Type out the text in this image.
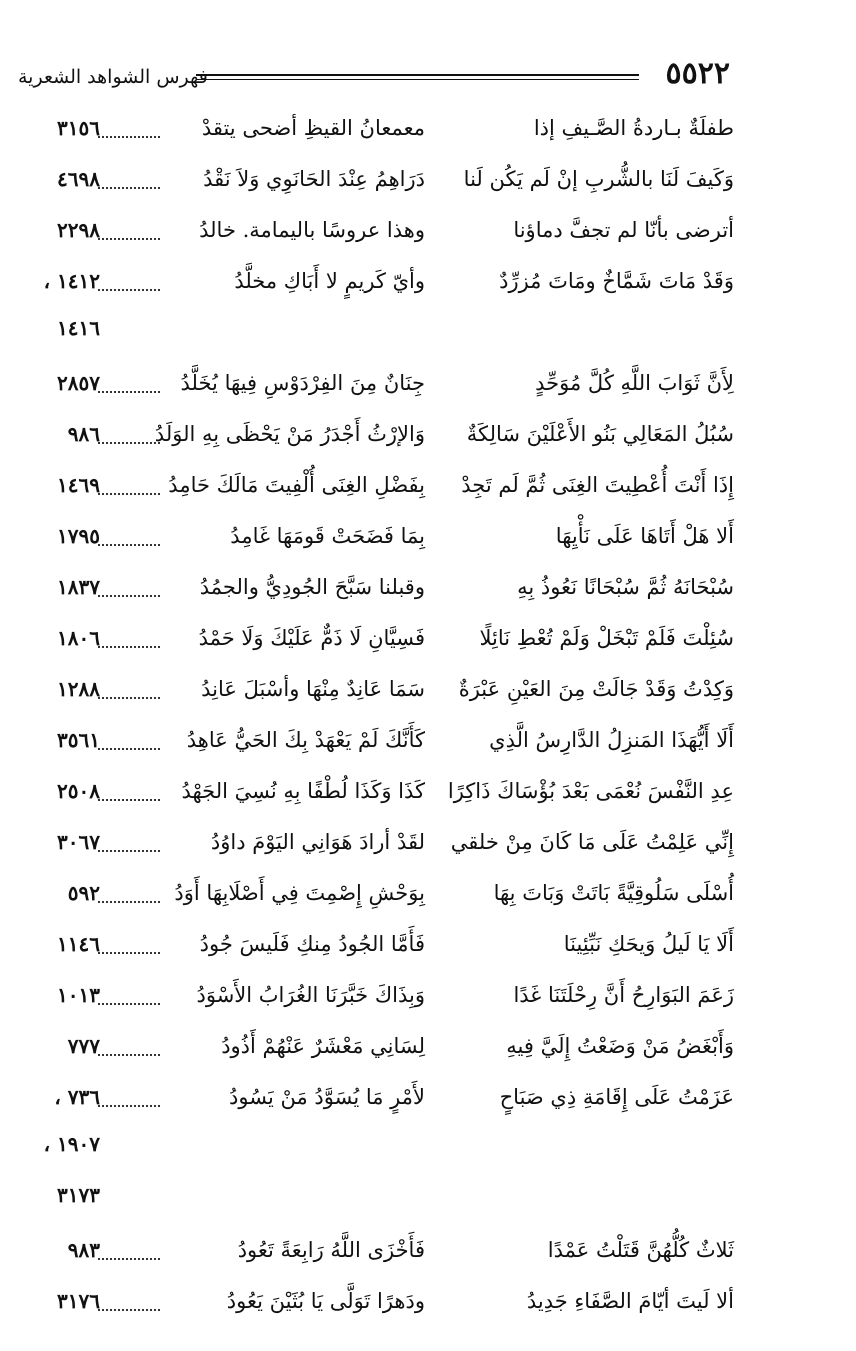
٥٥٢٢
فهرس الشواهد الشعرية
طفلَةٌ بـاردةُ الصَّـيفِ إذا
معمعانُ القيظِ أضحى يتقدْ
٣١٥٦
وَكَيفَ لَنَا بالشُّربِ إنْ لَم يَكُن لَنا
دَرَاهِمُ عِنْدَ الحَانَوِي وَلاَ نَقْدُ
٤٦٩٨
أترضى بأنّا لم تجفَّ دماؤنا
وهذا عروسًا باليمامة. خالدُ
٢٢٩٨
وَقَدْ مَاتَ شَمَّاخٌ ومَاتَ مُزرِّدٌ
وأيّ كَريمٍ لا أَبَاكِ مخلَّدُ
١٤١٢ ،
١٤١٦
لِأَنَّ ثَوَابَ اللَّهِ كُلَّ مُوَحِّدٍ
جِنَانٌ مِنَ الفِرْدَوْسِ فِيهَا يُخَلَّدُ
٢٨٥٧
سُبُلُ المَعَالِي بَنُو الأَعْلَيْنَ سَالِكَةٌ
وَالإرْثُ أَجْدَرُ مَنْ يَحْظَى بِهِ الوَلَدُ
٩٨٦
إِذَا أَنْتَ أُعْطِيتَ الغِنَى ثُمَّ لَم تَجِدْ
بِفَضْلِ الغِنَى أُلْفِيتَ مَالَكَ حَامِدُ
١٤٦٩
أَلا هَلْ أَتَاهَا عَلَى نَأْيِهَا
بِمَا فَضَحَتْ قَومَهَا غَامِدُ
١٧٩٥
سُبْحَانَهُ ثُمَّ سُبْحَانًا نَعُوذُ بِهِ
وقبلنا سَبَّحَ الجُودِيُّ والجمُدُ
١٨٣٧
سُئِلْتَ فَلَمْ تَبْخَلْ وَلَمْ تُعْطِ نَائِلًا
فَسِيَّانِ لَا ذَمٌّ عَلَيْكَ وَلَا حَمْدُ
١٨٠٦
وَكِدْتُ وَقَدْ جَالَتْ مِنَ العَيْنِ عَبْرَةٌ
سَمَا عَانِدٌ مِنْهَا وأسْبَلَ عَانِدُ
١٢٨٨
أَلَا أَيُّهَذَا المَنزِلُ الدَّارِسُ الَّذِي
كَأَنَّكَ لَمْ يَعْهَدْ بِكَ الحَيُّ عَاهِدُ
٣٥٦١
عِدِ النَّفْسَ نُعْمَى بَعْدَ بُؤْسَاكَ ذَاكِرًا
كَذَا وَكَذَا لُطْفًا بِهِ نُسِيَ الجَهْدُ
٢٥٠٨
إِنِّي عَلِمْتُ عَلَى مَا كَانَ مِنْ خلقي
لقَدْ أرادَ هَوَانِي اليَوْمَ داوُدُ
٣٠٦٧
أُسْلَى سَلُوقِيَّةً بَاتَتْ وَبَاتَ بِهَا
بِوَحْشِ إِصْمِتَ فِي أَصْلَابِهَا أَوَدُ
٥٩٢
أَلَا يَا لَيلُ وَيحَكِ نَبِّئِينَا
فَأَمَّا الجُودُ مِنكِ فَلَيسَ جُودُ
١١٤٦
زَعَمَ البَوَارِحُ أَنَّ رِحْلَتَنَا غَدًا
وَبِذَاكَ خَبَّرَنَا الغُرَابُ الأَسْوَدُ
١٠١٣
وَأَبْغَضُ مَنْ وَضَعْتُ إِلَيَّ فِيهِ
لِسَانِي مَعْشَرٌ عَنْهُمْ أَذُودُ
٧٧٧
عَزَمْتُ عَلَى إِقَامَةِ ذِي صَبَاحٍ
لأَمْرٍ مَا يُسَوَّدُ مَنْ يَسُودُ
٧٣٦ ،
١٩٠٧ ،
٣١٧٣
ثَلاثٌ كُلُّهُنَّ قَتَلْتُ عَمْدًا
فَأَخْزَى اللَّهُ رَابِعَةً تَعُودُ
٩٨٣
ألا لَيتَ أيّامَ الصَّفَاءِ جَدِيدُ
ودَهرًا تَوَلَّى يَا بُثَيْنَ يَعُودُ
٣١٧٦
